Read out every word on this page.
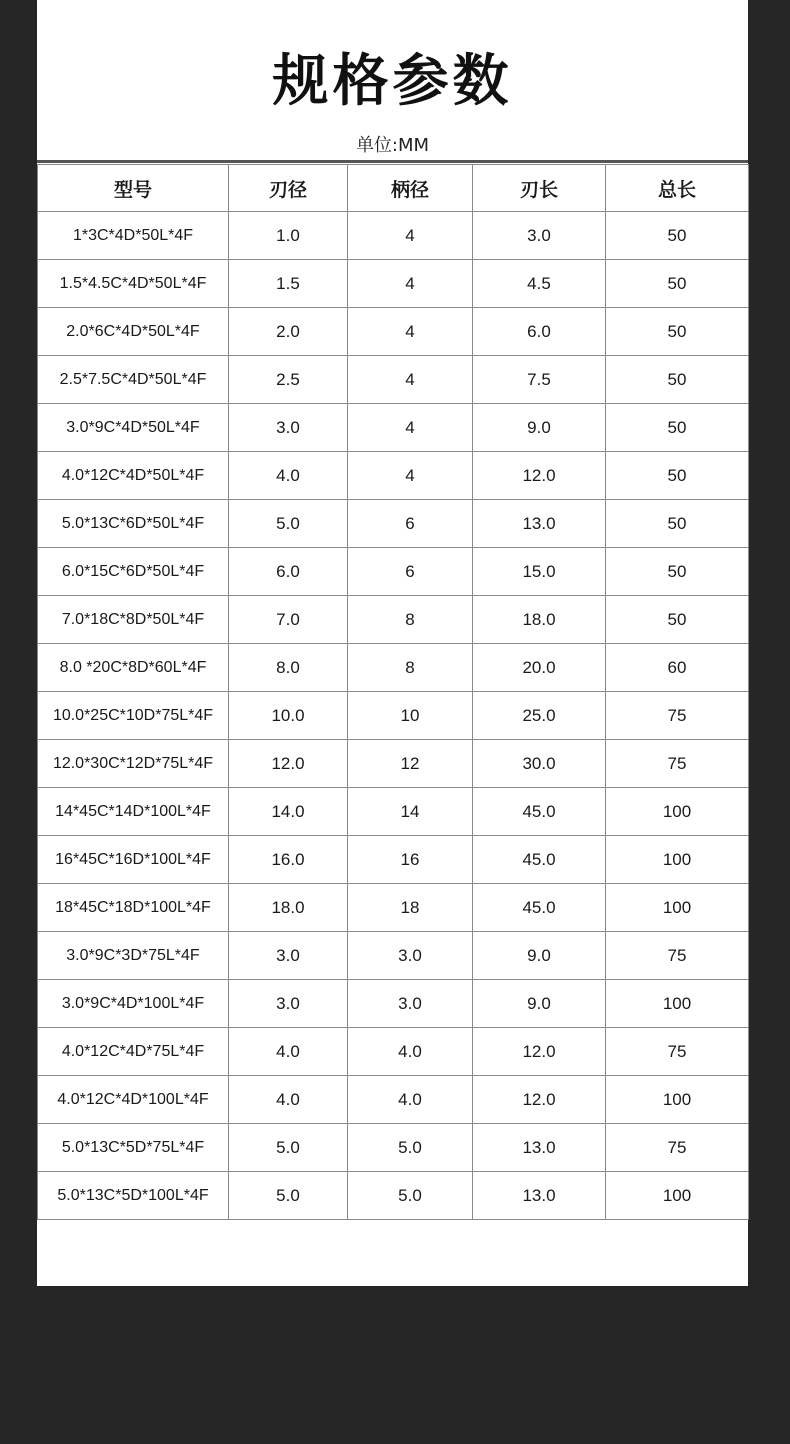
规格参数
单位:MM
型号	刃径	柄径	刃长	总长
1*3C*4D*50L*4F	1.0	4	3.0	50
1.5*4.5C*4D*50L*4F	1.5	4	4.5	50
2.0*6C*4D*50L*4F	2.0	4	6.0	50
2.5*7.5C*4D*50L*4F	2.5	4	7.5	50
3.0*9C*4D*50L*4F	3.0	4	9.0	50
4.0*12C*4D*50L*4F	4.0	4	12.0	50
5.0*13C*6D*50L*4F	5.0	6	13.0	50
6.0*15C*6D*50L*4F	6.0	6	15.0	50
7.0*18C*8D*50L*4F	7.0	8	18.0	50
8.0 *20C*8D*60L*4F	8.0	8	20.0	60
10.0*25C*10D*75L*4F	10.0	10	25.0	75
12.0*30C*12D*75L*4F	12.0	12	30.0	75
14*45C*14D*100L*4F	14.0	14	45.0	100
16*45C*16D*100L*4F	16.0	16	45.0	100
18*45C*18D*100L*4F	18.0	18	45.0	100
3.0*9C*3D*75L*4F	3.0	3.0	9.0	75
3.0*9C*4D*100L*4F	3.0	3.0	9.0	100
4.0*12C*4D*75L*4F	4.0	4.0	12.0	75
4.0*12C*4D*100L*4F	4.0	4.0	12.0	100
5.0*13C*5D*75L*4F	5.0	5.0	13.0	75
5.0*13C*5D*100L*4F	5.0	5.0	13.0	100
